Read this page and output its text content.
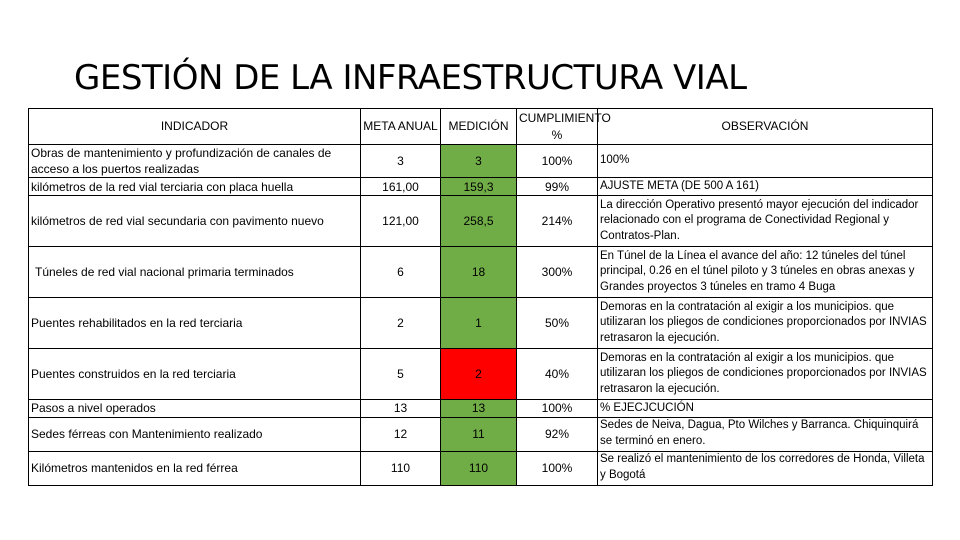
GESTIÓN DE LA INFRAESTRUCTURA VIAL
INDICADOR	META ANUAL	MEDICIÓN	CUMPLIMIENTO %	OBSERVACIÓN
Obras de mantenimiento y profundización de canales de acceso a los puertos realizadas	3	3	100%	100%
kilómetros de la red vial terciaria con placa huella	161,00	159,3	99%	AJUSTE META (DE 500 A 161)
kilómetros de red vial secundaria con pavimento nuevo	121,00	258,5	214%	La dirección Operativo presentó mayor ejecución del indicador relacionado con el programa de Conectividad Regional y Contratos-Plan.
Túneles de red vial nacional primaria terminados	6	18	300%	En Túnel de la Línea el avance del año: 12 túneles del túnel principal, 0.26 en el túnel piloto y 3 túneles en obras anexas y Grandes proyectos 3 túneles en tramo 4 Buga
Puentes rehabilitados en la red terciaria	2	1	50%	Demoras en la contratación al exigir a los municipios. que utilizaran los pliegos de condiciones proporcionados por INVIAS retrasaron la ejecución.
Puentes construidos en la red terciaria	5	2	40%	Demoras en la contratación al exigir a los municipios. que utilizaran los pliegos de condiciones proporcionados por INVIAS retrasaron la ejecución.
Pasos a nivel operados	13	13	100%	% EJECJCUCIÓN
Sedes férreas con Mantenimiento realizado	12	11	92%	Sedes de Neiva, Dagua, Pto Wilches y Barranca. Chiquinquirá se terminó en enero.
Kilómetros mantenidos en la red férrea	110	110	100%	Se realizó el mantenimiento de los corredores de Honda, Villeta y Bogotá
